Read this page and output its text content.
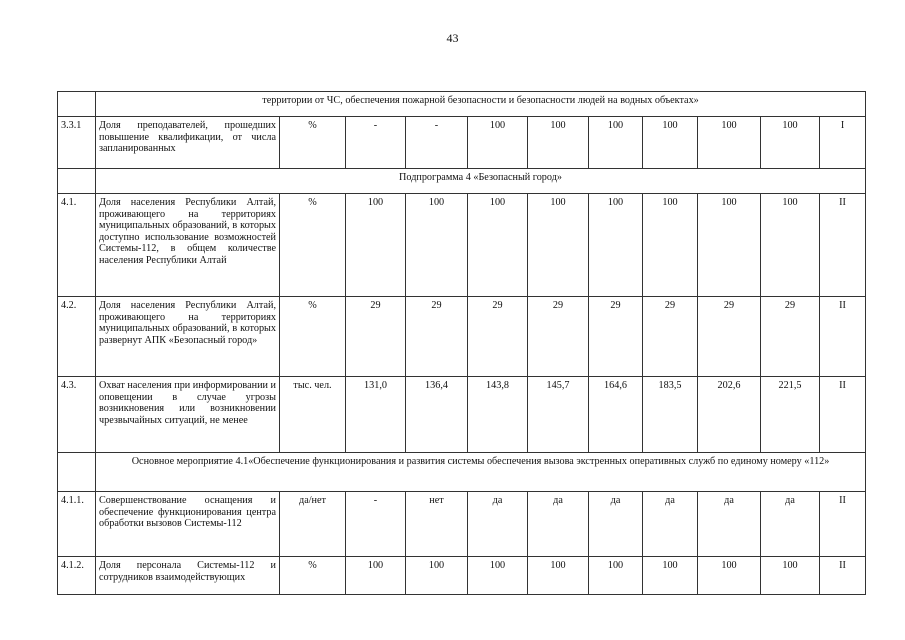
43
	территории от ЧС, обеспечения пожарной безопасности и безопасности людей на водных объектах»										
3.3.1	Доля преподавателей, прошедших повышение квалификации, от числа запланированных	%	-	-	100	100	100	100	100	100	I
	Подпрограмма 4 «Безопасный город»										
4.1.	Доля населения Республики Алтай, проживающего на территориях муниципальных образований, в которых доступно использование возможностей Системы-112, в общем количестве населения Республики Алтай	%	100	100	100	100	100	100	100	100	II
4.2.	Доля населения Республики Алтай, проживающего на территориях муниципальных образований, в которых развернут АПК «Безопасный город»	%	29	29	29	29	29	29	29	29	II
4.3.	Охват населения при информировании и оповещении в случае угрозы возникновения или возникновении чрезвычайных ситуаций, не менее	тыс. чел.	131,0	136,4	143,8	145,7	164,6	183,5	202,6	221,5	II
	Основное мероприятие 4.1«Обеспечение функционирования и развития системы обеспечения вызова экстренных оперативных служб по единому номеру «112»										
4.1.1.	Совершенствование оснащения и обеспечение функционирования центра обработки вызовов Системы-112	да/нет	-	нет	да	да	да	да	да	да	II
4.1.2.	Доля персонала Системы-112 и сотрудников взаимодействующих	%	100	100	100	100	100	100	100	100	II
